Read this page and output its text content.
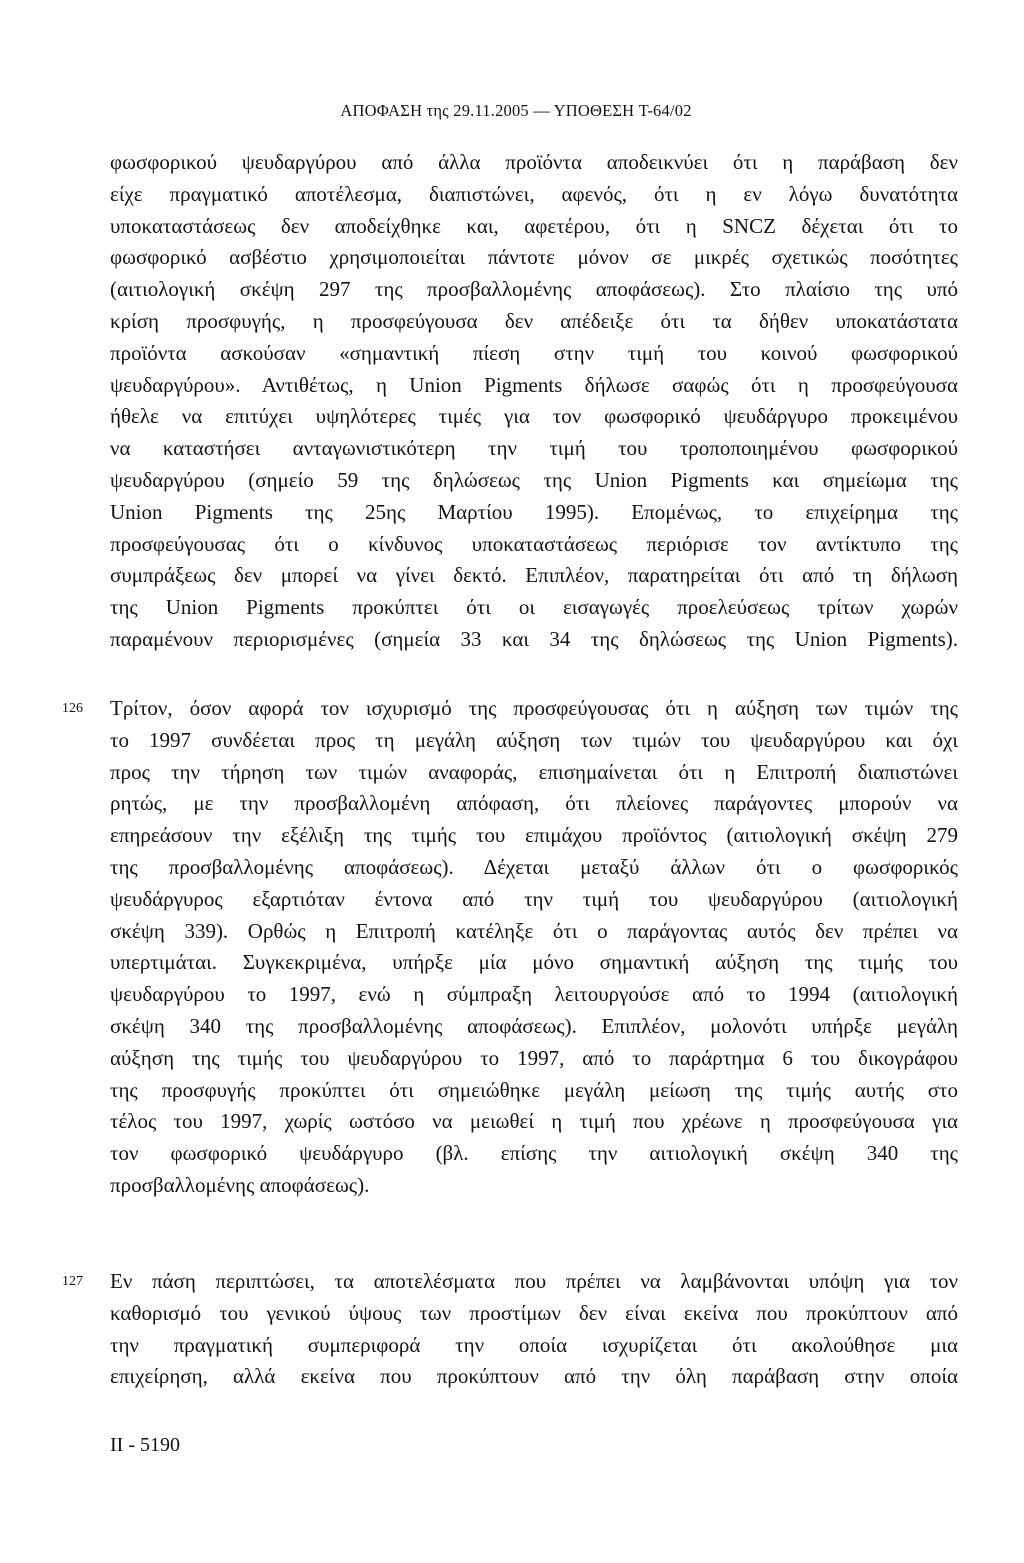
ΑΠΟΦΑΣΗ της 29.11.2005 — ΥΠΟΘΕΣΗ T-64/02
φωσφορικού ψευδαργύρου από άλλα προϊόντα αποδεικνύει ότι η παράβαση δεν
είχε πραγματικό αποτέλεσμα, διαπιστώνει, αφενός, ότι η εν λόγω δυνατότητα
υποκαταστάσεως δεν αποδείχθηκε και, αφετέρου, ότι η SNCZ δέχεται ότι το
φωσφορικό ασβέστιο χρησιμοποιείται πάντοτε μόνον σε μικρές σχετικώς ποσότητες
(αιτιολογική σκέψη 297 της προσβαλλομένης αποφάσεως). Στο πλαίσιο της υπό
κρίση προσφυγής, η προσφεύγουσα δεν απέδειξε ότι τα δήθεν υποκατάστατα
προϊόντα ασκούσαν «σημαντική πίεση στην τιμή του κοινού φωσφορικού
ψευδαργύρου». Αντιθέτως, η Union Pigments δήλωσε σαφώς ότι η προσφεύγουσα
ήθελε να επιτύχει υψηλότερες τιμές για τον φωσφορικό ψευδάργυρο προκειμένου
να καταστήσει ανταγωνιστικότερη την τιμή του τροποποιημένου φωσφορικού
ψευδαργύρου (σημείο 59 της δηλώσεως της Union Pigments και σημείωμα της
Union Pigments της 25ης Μαρτίου 1995). Επομένως, το επιχείρημα της
προσφεύγουσας ότι ο κίνδυνος υποκαταστάσεως περιόρισε τον αντίκτυπο της
συμπράξεως δεν μπορεί να γίνει δεκτό. Επιπλέον, παρατηρείται ότι από τη δήλωση
της Union Pigments προκύπτει ότι οι εισαγωγές προελεύσεως τρίτων χωρών
παραμένουν περιορισμένες (σημεία 33 και 34 της δηλώσεως της Union Pigments).
126 Τρίτον, όσον αφορά τον ισχυρισμό της προσφεύγουσας ότι η αύξηση των τιμών της
το 1997 συνδέεται προς τη μεγάλη αύξηση των τιμών του ψευδαργύρου και όχι
προς την τήρηση των τιμών αναφοράς, επισημαίνεται ότι η Επιτροπή διαπιστώνει
ρητώς, με την προσβαλλομένη απόφαση, ότι πλείονες παράγοντες μπορούν να
επηρεάσουν την εξέλιξη της τιμής του επιμάχου προϊόντος (αιτιολογική σκέψη 279
της προσβαλλομένης αποφάσεως). Δέχεται μεταξύ άλλων ότι ο φωσφορικός
ψευδάργυρος εξαρτιόταν έντονα από την τιμή του ψευδαργύρου (αιτιολογική
σκέψη 339). Ορθώς η Επιτροπή κατέληξε ότι ο παράγοντας αυτός δεν πρέπει να
υπερτιμάται. Συγκεκριμένα, υπήρξε μία μόνο σημαντική αύξηση της τιμής του
ψευδαργύρου το 1997, ενώ η σύμπραξη λειτουργούσε από το 1994 (αιτιολογική
σκέψη 340 της προσβαλλομένης αποφάσεως). Επιπλέον, μολονότι υπήρξε μεγάλη
αύξηση της τιμής του ψευδαργύρου το 1997, από το παράρτημα 6 του δικογράφου
της προσφυγής προκύπτει ότι σημειώθηκε μεγάλη μείωση της τιμής αυτής στο
τέλος του 1997, χωρίς ωστόσο να μειωθεί η τιμή που χρέωνε η προσφεύγουσα για
τον φωσφορικό ψευδάργυρο (βλ. επίσης την αιτιολογική σκέψη 340 της
προσβαλλομένης αποφάσεως).
127 Εν πάση περιπτώσει, τα αποτελέσματα που πρέπει να λαμβάνονται υπόψη για τον
καθορισμό του γενικού ύψους των προστίμων δεν είναι εκείνα που προκύπτουν από
την πραγματική συμπεριφορά την οποία ισχυρίζεται ότι ακολούθησε μια
επιχείρηση, αλλά εκείνα που προκύπτουν από την όλη παράβαση στην οποία
II - 5190
